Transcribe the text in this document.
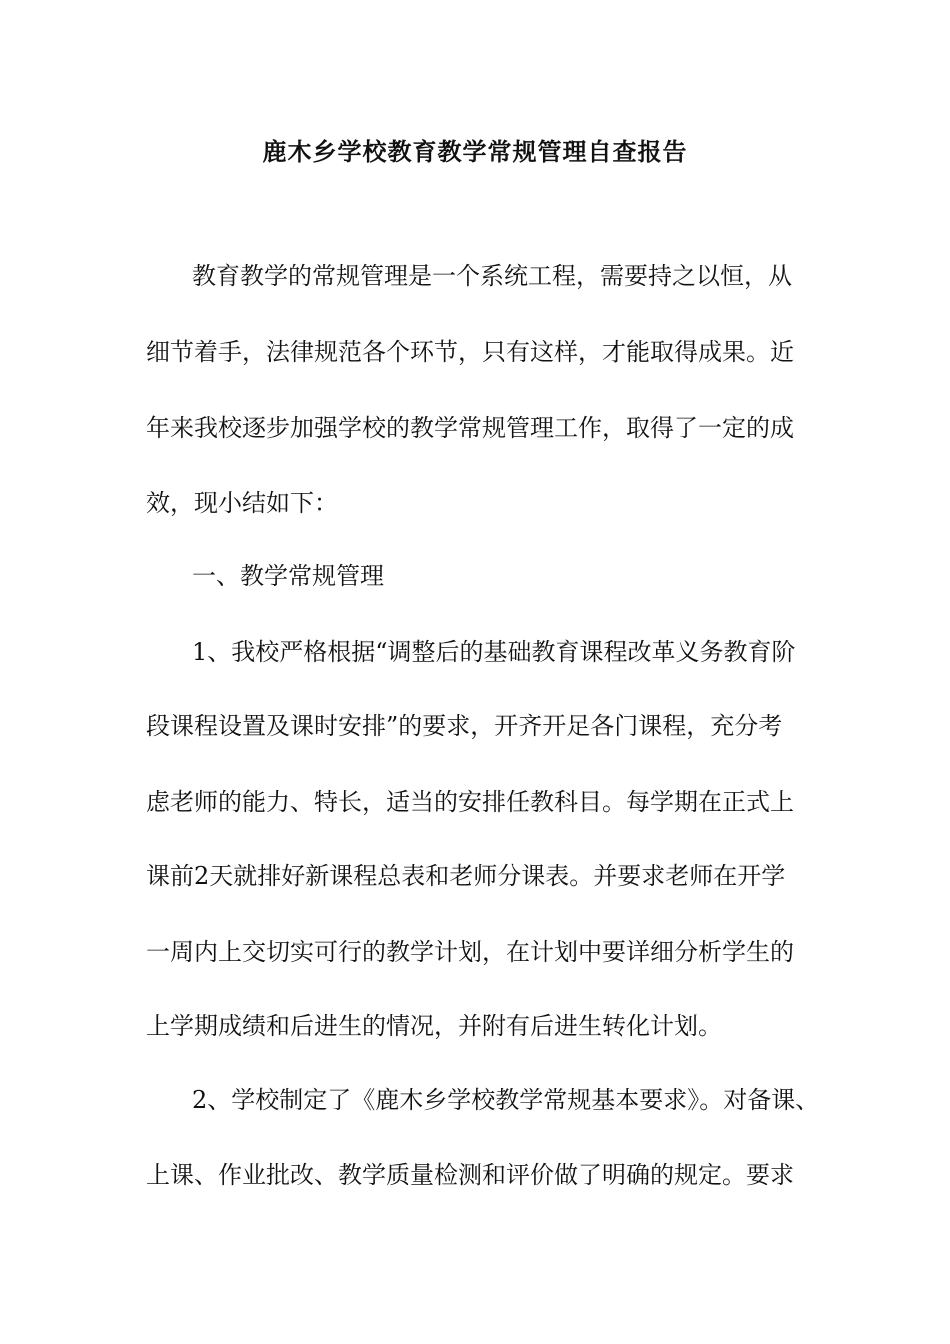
鹿木乡学校教育教学常规管理自查报告

教育教学的常规管理是一个系统工程，需要持之以恒，从

细节着手，法律规范各个环节，只有这样，才能取得成果。近

年来我校逐步加强学校的教学常规管理工作，取得了一定的成

效，现小结如下：

一、教学常规管理

1、我校严格根据“调整后的基础教育课程改革义务教育阶

段课程设置及课时安排”的要求，开齐开足各门课程，充分考

虑老师的能力、特长，适当的安排任教科目。每学期在正式上

课前2天就排好新课程总表和老师分课表。并要求老师在开学

一周内上交切实可行的教学计划，在计划中要详细分析学生的

上学期成绩和后进生的情况，并附有后进生转化计划。

2、学校制定了《鹿木乡学校教学常规基本要求》。对备课、

上课、作业批改、教学质量检测和评价做了明确的规定。要求
